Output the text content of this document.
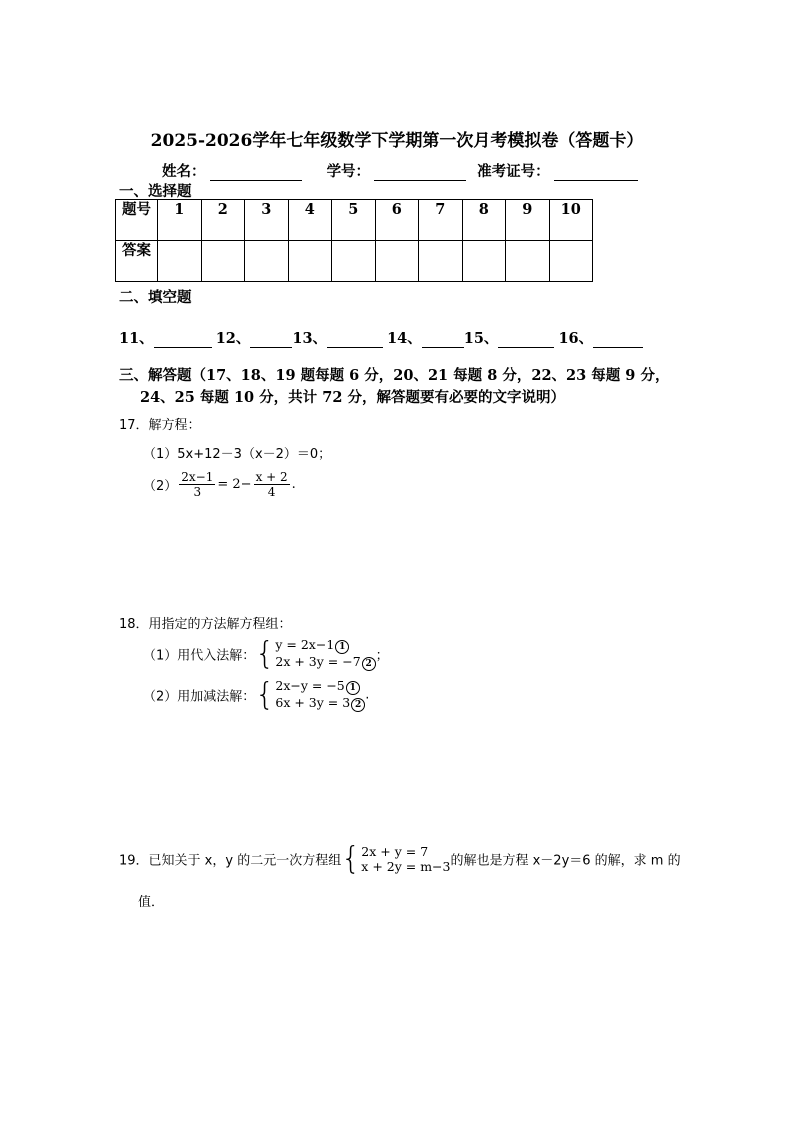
2025-2026学年七年级数学下学期第一次月考模拟卷（答题卡）
姓名：	学号：	准考证号：
一、选择题
题号	1	2	3	4	5	6	7	8	9	10
答案										
二、填空题
11、	12、	13、	14、	15、	16、
三、解答题（17、18、19 题每题 6 分，20、21 每题 8 分，22、23 每题 9 分，
24、25 每题 10 分，共计 72 分，解答题要有必要的文字说明）
17．解方程：
（1）5x+12－3（x－2）＝0；
$(2) \frac{2x-1}{3} = 2- \frac{x + 2}{4}$ .
18．用指定的方法解方程组：
（1）用代入法解：{ y = 2x−1 1
2x + 3y = −7 2
；
（2）用加减法解：{ 2x−y = −5 1
6x + 3y = 3 2
.
19．已知关于 x，y 的二元一次方程组{ 2x + y = 7
x + 2y = m−3 的解也是方程 x－2y＝6 的解，求 m 的
值．
